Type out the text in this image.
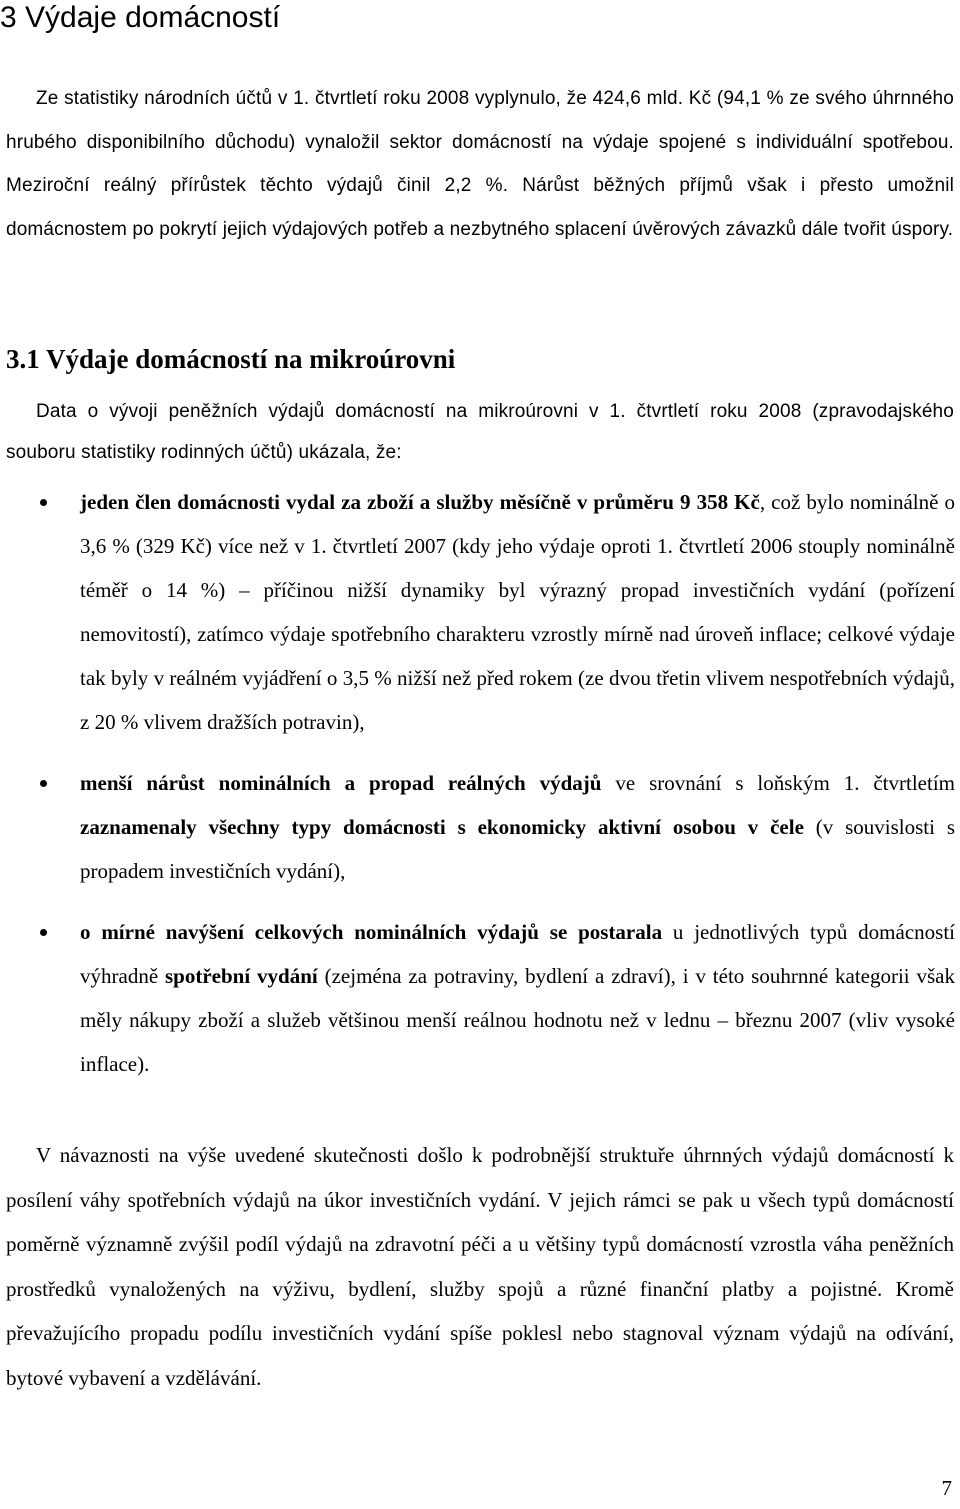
3 Výdaje domácností

Ze statistiky národních účtů v 1. čtvrtletí roku 2008 vyplynulo, že 424,6 mld. Kč (94,1 % ze svého úhrnného hrubého disponibilního důchodu) vynaložil sektor domácností na výdaje spojené s individuální spotřebou. Meziroční reálný přírůstek těchto výdajů činil 2,2 %. Nárůst běžných příjmů však i přesto umožnil domácnostem po pokrytí jejich výdajových potřeb a nezbytného splacení úvěrových závazků dále tvořit úspory.

3.1 Výdaje domácností na mikroúrovni

Data o vývoji peněžních výdajů domácností na mikroúrovni v 1. čtvrtletí roku 2008 (zpravodajského souboru statistiky rodinných účtů) ukázala, že:

jeden člen domácnosti vydal za zboží a služby měsíčně v průměru 9 358 Kč, což bylo nominálně o 3,6 % (329 Kč) více než v 1. čtvrtletí 2007 (kdy jeho výdaje oproti 1. čtvrtletí 2006 stouply nominálně téměř o 14 %) – příčinou nižší dynamiky byl výrazný propad investičních vydání (pořízení nemovitostí), zatímco výdaje spotřebního charakteru vzrostly mírně nad úroveň inflace; celkové výdaje tak byly v reálném vyjádření o 3,5 % nižší než před rokem (ze dvou třetin vlivem nespotřebních výdajů, z 20 % vlivem dražších potravin),
menší nárůst nominálních a propad reálných výdajů ve srovnání s loňským 1. čtvrtletím zaznamenaly všechny typy domácnosti s ekonomicky aktivní osobou v čele (v souvislosti s propadem investičních vydání),
o mírné navýšení celkových nominálních výdajů se postarala u jednotlivých typů domácností výhradně spotřební vydání (zejména za potraviny, bydlení a zdraví), i v této souhrnné kategorii však měly nákupy zboží a služeb většinou menší reálnou hodnotu než v lednu – březnu 2007 (vliv vysoké inflace).

V návaznosti na výše uvedené skutečnosti došlo k podrobnější struktuře úhrnných výdajů domácností k posílení váhy spotřebních výdajů na úkor investičních vydání. V jejich rámci se pak u všech typů domácností poměrně významně zvýšil podíl výdajů na zdravotní péči a u většiny typů domácností vzrostla váha peněžních prostředků vynaložených na výživu, bydlení, služby spojů a různé finanční platby a pojistné. Kromě převažujícího propadu podílu investičních vydání spíše poklesl nebo stagnoval význam výdajů na odívání, bytové vybavení a vzdělávání.

7
